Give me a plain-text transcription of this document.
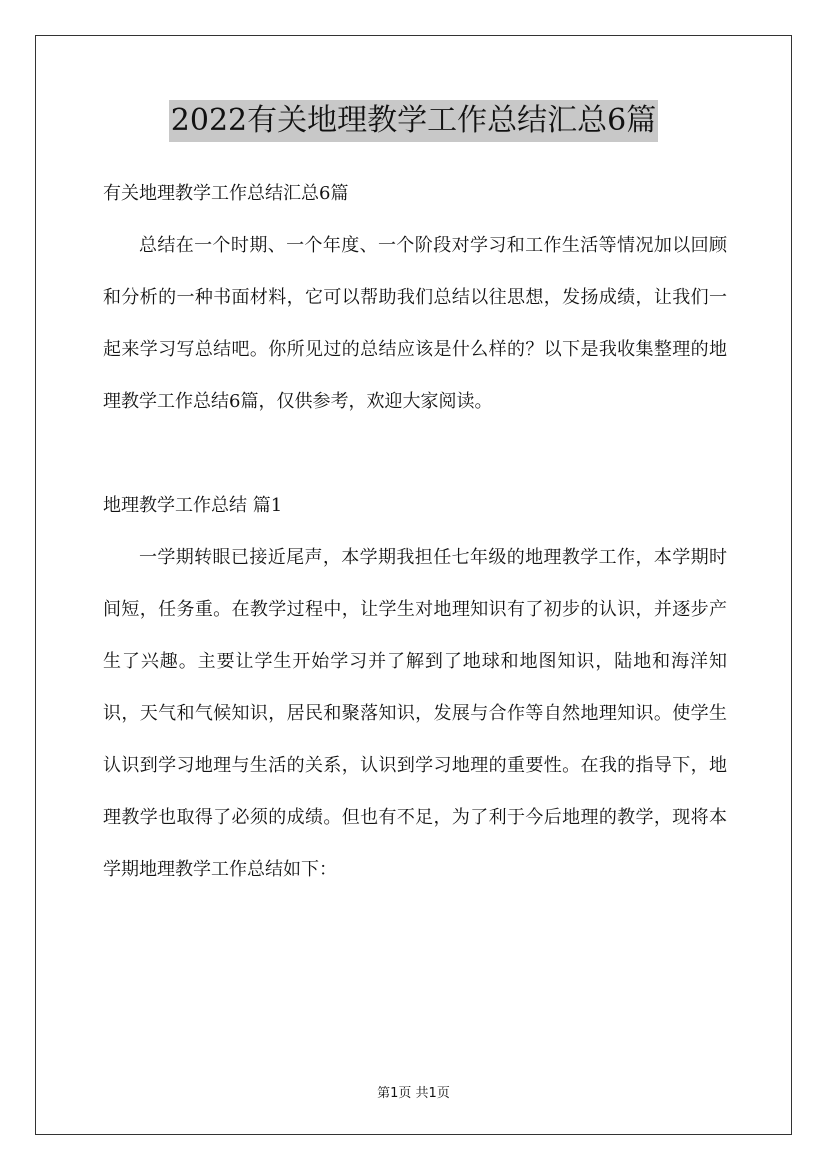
2022有关地理教学工作总结汇总6篇

有关地理教学工作总结汇总6篇

总结在一个时期、一个年度、一个阶段对学习和工作生活等情况加以回顾和分析的一种书面材料，它可以帮助我们总结以往思想，发扬成绩，让我们一起来学习写总结吧。你所见过的总结应该是什么样的？以下是我收集整理的地理教学工作总结6篇，仅供参考，欢迎大家阅读。

地理教学工作总结 篇1

一学期转眼已接近尾声，本学期我担任七年级的地理教学工作，本学期时间短，任务重。在教学过程中，让学生对地理知识有了初步的认识，并逐步产生了兴趣。主要让学生开始学习并了解到了地球和地图知识，陆地和海洋知识，天气和气候知识，居民和聚落知识，发展与合作等自然地理知识。使学生认识到学习地理与生活的关系，认识到学习地理的重要性。在我的指导下，地理教学也取得了必须的成绩。但也有不足，为了利于今后地理的教学，现将本学期地理教学工作总结如下：

第1页 共1页
